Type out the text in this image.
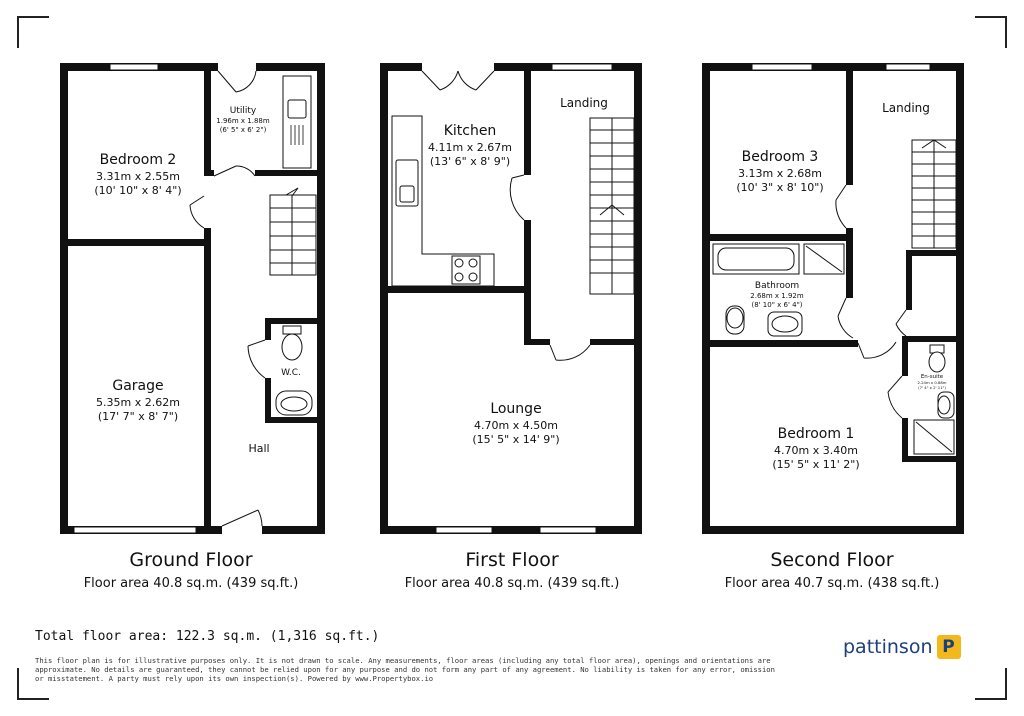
Bedroom 2
3.31m x 2.55m
(10' 10" x 8' 4")
Utility
1.96m x 1.88m
(6' 5" x 6' 2")
Garage
5.35m x 2.62m
(17' 7" x 8' 7")
W.C.
Hall
Kitchen
4.11m x 2.67m
(13' 6" x 8' 9")
Landing
Lounge
4.70m x 4.50m
(15' 5" x 14' 9")
Bedroom 3
3.13m x 2.68m
(10' 3" x 8' 10")
Landing
Bathroom
2.68m x 1.92m
(8' 10" x 6' 4")
En-suite
2.24m x 0.88m
(7' 4" x 2' 11")
Bedroom 1
4.70m x 3.40m
(15' 5" x 11' 2")
Ground Floor
Floor area 40.8 sq.m. (439 sq.ft.)
First Floor
Floor area 40.8 sq.m. (439 sq.ft.)
Second Floor
Floor area 40.7 sq.m. (438 sq.ft.)
Total floor area: 122.3 sq.m. (1,316 sq.ft.)
This floor plan is for illustrative purposes only. It is not drawn to scale. Any measurements, floor areas (including any total floor area), openings and orientations are approximate. No details are guaranteed, they cannot be relied upon for any purpose and do not form any part of any agreement. No liability is taken for any error, omission or misstatement. A party must rely upon its own inspection(s). Powered by www.Propertybox.io
pattinson P
